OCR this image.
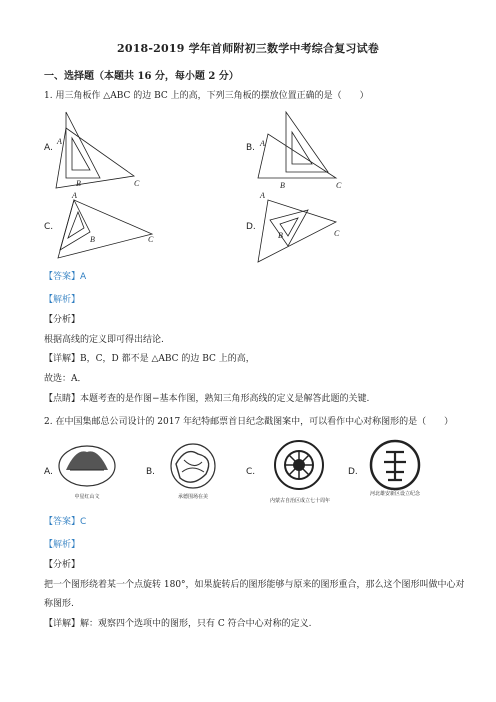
2018-2019 学年首师附初三数学中考综合复习试卷
一、选择题（本题共 16 分，每小题 2 分）
1. 用三角板作 △ABC 的边 BC 上的高，下列三角板的摆放位置正确的是（　　）
A.
A
B	C
B. A
B	C
C.
A
B	C
D.
A
B	C
【答案】A
【解析】
【分析】
根据高线的定义即可得出结论.
【详解】B，C，D 都不是 △ABC 的边 BC 上的高，
故选：A．
【点睛】本题考查的是作图−基本作图，熟知三角形高线的定义是解答此题的关键.
2. 在中国集邮总公司设计的 2017 年纪特邮票首日纪念戳图案中，可以看作中心对称图形的是（　　）
A.
中星红山文
B.
承德围场在美
C.
内蒙古自治区成立七十周年
D.
河北雄安新区设立纪念
【答案】C
【解析】
【分析】
把一个图形绕着某一个点旋转 180°，如果旋转后的图形能够与原来的图形重合，那么这个图形叫做中心对
称图形.
【详解】解：观察四个选项中的图形，只有 C 符合中心对称的定义.
